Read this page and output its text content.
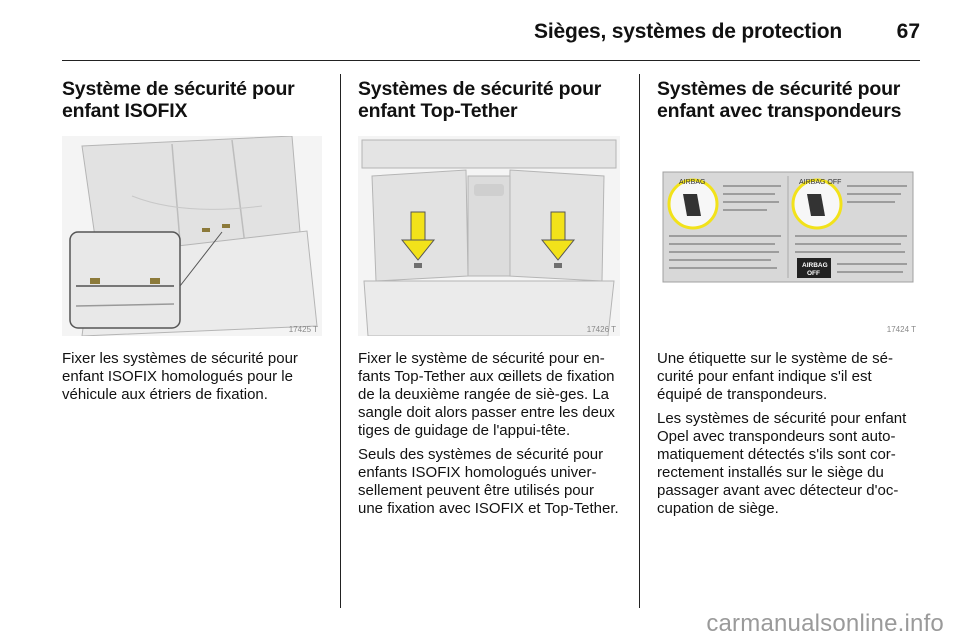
Sièges, systèmes de protection	67
Système de sécurité pour
enfant ISOFIX
17425 T

Fixer les systèmes de sécurité pour enfant ISOFIX homologués pour le véhicule aux étriers de fixation.

Systèmes de sécurité pour
enfant Top-Tether
17426 T

Fixer le système de sécurité pour en-fants Top-Tether aux œillets de fixation de la deuxième rangée de siè-ges. La sangle doit alors passer entre les deux tiges de guidage de l'appui-tête.

Seuls des systèmes de sécurité pour enfants ISOFIX homologués univer-sellement peuvent être utilisés pour une fixation avec ISOFIX et Top-Tether.

Systèmes de sécurité pour
enfant avec transpondeurs
AIRBAG	AIRBAG OFF
AIRBAG
OFF
17424 T

Une étiquette sur le système de sé-curité pour enfant indique s'il est équipé de transpondeurs.

Les systèmes de sécurité pour enfant Opel avec transpondeurs sont auto-matiquement détectés s'ils sont cor-rectement installés sur le siège du passager avant avec détecteur d'oc-cupation de siège.

carmanualsonline.info
